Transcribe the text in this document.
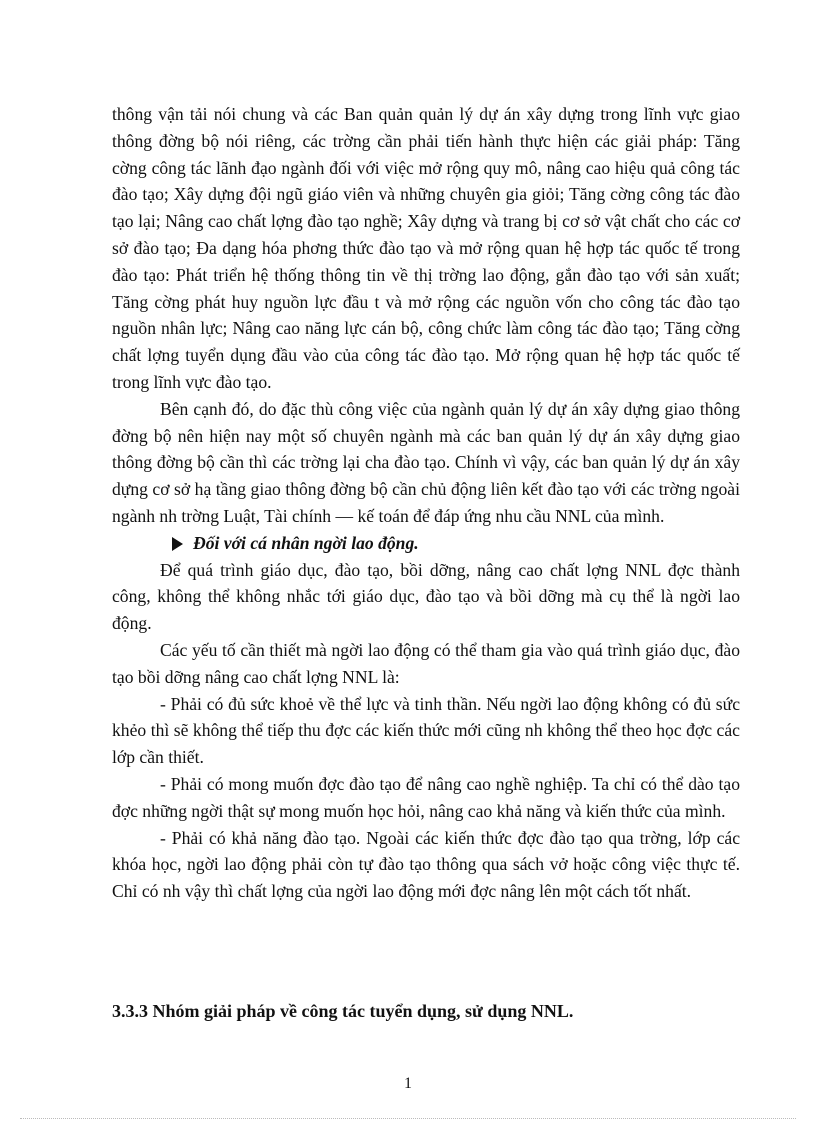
thông vận tải nói chung và các Ban quản quản lý dự án xây dựng trong lĩnh vực giao thông đờng bộ nói riêng, các trờng cần phải tiến hành thực hiện các giải pháp: Tăng cờng công tác lãnh đạo ngành đối với việc mở rộng quy mô, nâng cao hiệu quả công tác đào tạo; Xây dựng đội ngũ giáo viên và những chuyên gia giỏi; Tăng cờng công tác đào tạo lại; Nâng cao chất lợng đào tạo nghề; Xây dựng và trang bị cơ sở vật chất cho các cơ sở đào tạo; Đa dạng hóa phơng thức đào tạo và mở rộng quan hệ hợp tác quốc tế trong đào tạo: Phát triển hệ thống thông tin về thị trờng lao động, gắn đào tạo với sản xuất; Tăng cờng phát huy nguồn lực đầu t và mở rộng các nguồn vốn cho công tác đào tạo nguồn nhân lực; Nâng cao năng lực cán bộ, công chức làm công tác đào tạo; Tăng cờng chất lợng tuyển dụng đầu vào của công tác đào tạo. Mở rộng quan hệ hợp tác quốc tế trong lĩnh vực đào tạo.

Bên cạnh đó, do đặc thù công việc của ngành quản lý dự án xây dựng giao thông đờng bộ nên hiện nay một số chuyên ngành mà các ban quản lý dự án xây dựng giao thông đờng bộ cần thì các trờng lại cha đào tạo. Chính vì vậy, các ban quản lý dự án xây dựng cơ sở hạ tầng giao thông đờng bộ cần chủ động liên kết đào tạo với các trờng ngoài ngành nh trờng Luật, Tài chính — kế toán để đáp ứng nhu cầu NNL của mình.

Đối với cá nhân ngời lao động.

Để quá trình giáo dục, đào tạo, bồi dỡng, nâng cao chất lợng NNL đợc thành công, không thể không nhắc tới giáo dục, đào tạo và bồi dỡng mà cụ thể là ngời lao động.

Các yếu tố cần thiết mà ngời lao động có thể tham gia vào quá trình giáo dục, đào tạo bồi dỡng nâng cao chất lợng NNL là:

- Phải có đủ sức khoẻ về thể lực và tinh thần. Nếu ngời lao động không có đủ sức khẻo thì sẽ không thể tiếp thu đợc các kiến thức mới cũng nh không thể theo học đợc các lớp cần thiết.

- Phải có mong muốn đợc đào tạo để nâng cao nghề nghiệp. Ta chỉ có thể dào tạo đợc những ngời thật sự mong muốn học hỏi, nâng cao khả năng và kiến thức của mình.

- Phải có khả năng đào tạo. Ngoài các kiến thức đợc đào tạo qua trờng, lớp các khóa học, ngời lao động phải còn tự đào tạo thông qua sách vở hoặc công việc thực tế. Chỉ có nh vậy thì chất lợng của ngời lao động mới đợc nâng lên một cách tốt nhất.

3.3.3 Nhóm giải pháp về công tác tuyển dụng, sử dụng NNL.
1
